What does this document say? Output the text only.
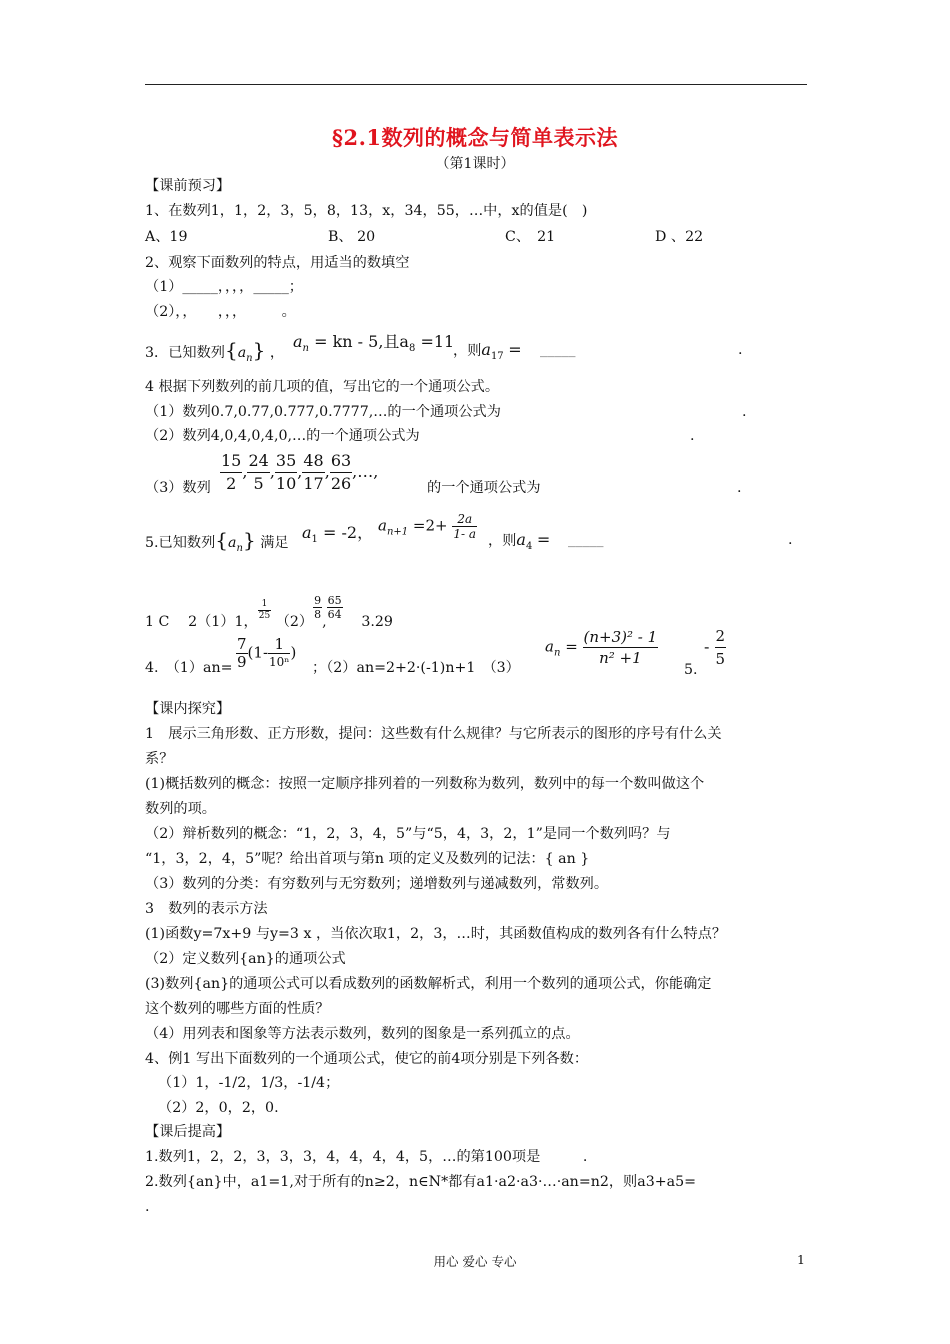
§2.1数列的概念与简单表示法
（第1课时）
【课前预习】
1、在数列1，1，2，3，5，8，13，x，34，55，…中，x的值是(　)
A、19	B、 20	C、　21	D 、22
2、观察下面数列的特点，用适当的数填空
（1）_____，，，，_____；
（2），，　　，，，　　　。
3．已知数列$\{a_n\}$ ，
$a_n$ = kn - 5,且$a_8 =11$
，则$a_{17}$ = _____	.
4 根据下列数列的前几项的值，写出它的一个通项公式。
（1）数列0.7,0.77,0.777,0.7777,…的一个通项公式为	.
（2）数列4,0,4,0,4,0,…的一个通项公式为	.
（3）数列 $\frac{15}{2}$ , $\frac{24}{5}$ , $\frac{35}{10}$ , $\frac{48}{17}$ , $\frac{63}{26}$ ,…,
的一个通项公式为	.
5.已知数列$\{a_n\}$ 满足
$a_1 = -2$， $a_{n+1} =2+ \frac{2a}{1- a}$ ，则$a_4$ = _____	.
1 C　 2（1）1， $\frac{1}{25} (2)$
$\frac{9}{8}$
,
$\frac{65}{64}$
　3.29
4.　$(1)an= \frac{7}{9} (1- \frac{1}{\text{10ⁿ}}$ )
；（2）an=2+2·(-1)n+1　（3）
$a_n = \frac{\text{(n+3)² - 1}}{\text{n² +1}}$
5.
- $\frac{2}{5}$
【课内探究】
1　展示三角形数、正方形数，提问：这些数有什么规律？与它所表示的图形的序号有什么关
系？
(1)概括数列的概念：按照一定顺序排列着的一列数称为数列，数列中的每一个数叫做这个
数列的项。
（2）辩析数列的概念：“1，2，3，4，5”与“5，4，3，2，1”是同一个数列吗？与
“1，3，2，4，5”呢？给出首项与第n 项的定义及数列的记法：{ an }
（3）数列的分类：有穷数列与无穷数列；递增数列与递减数列，常数列。
3　数列的表示方法
(1)函数y=7x+9 与y=3 x ，当依次取1，2，3，…时，其函数值构成的数列各有什么特点？
（2）定义数列{an}的通项公式
(3)数列{an}的通项公式可以看成数列的函数解析式，利用一个数列的通项公式，你能确定
这个数列的哪些方面的性质？
（4）用列表和图象等方法表示数列，数列的图象是一系列孤立的点。
4、例1 写出下面数列的一个通项公式，使它的前4项分别是下列各数：
（1）1，-1/2，1/3，-1/4；
（2）2，0，2，0.
【课后提高】
1.数列1，2，2，3，3，3，4，4，4，4，5，…的第100项是　　　.
2.数列{an}中，a1=1,对于所有的n≥2，n∈N*都有a1·a2·a3·…·an=n2，则a3+a5=
.
用心 爱心 专心	1
